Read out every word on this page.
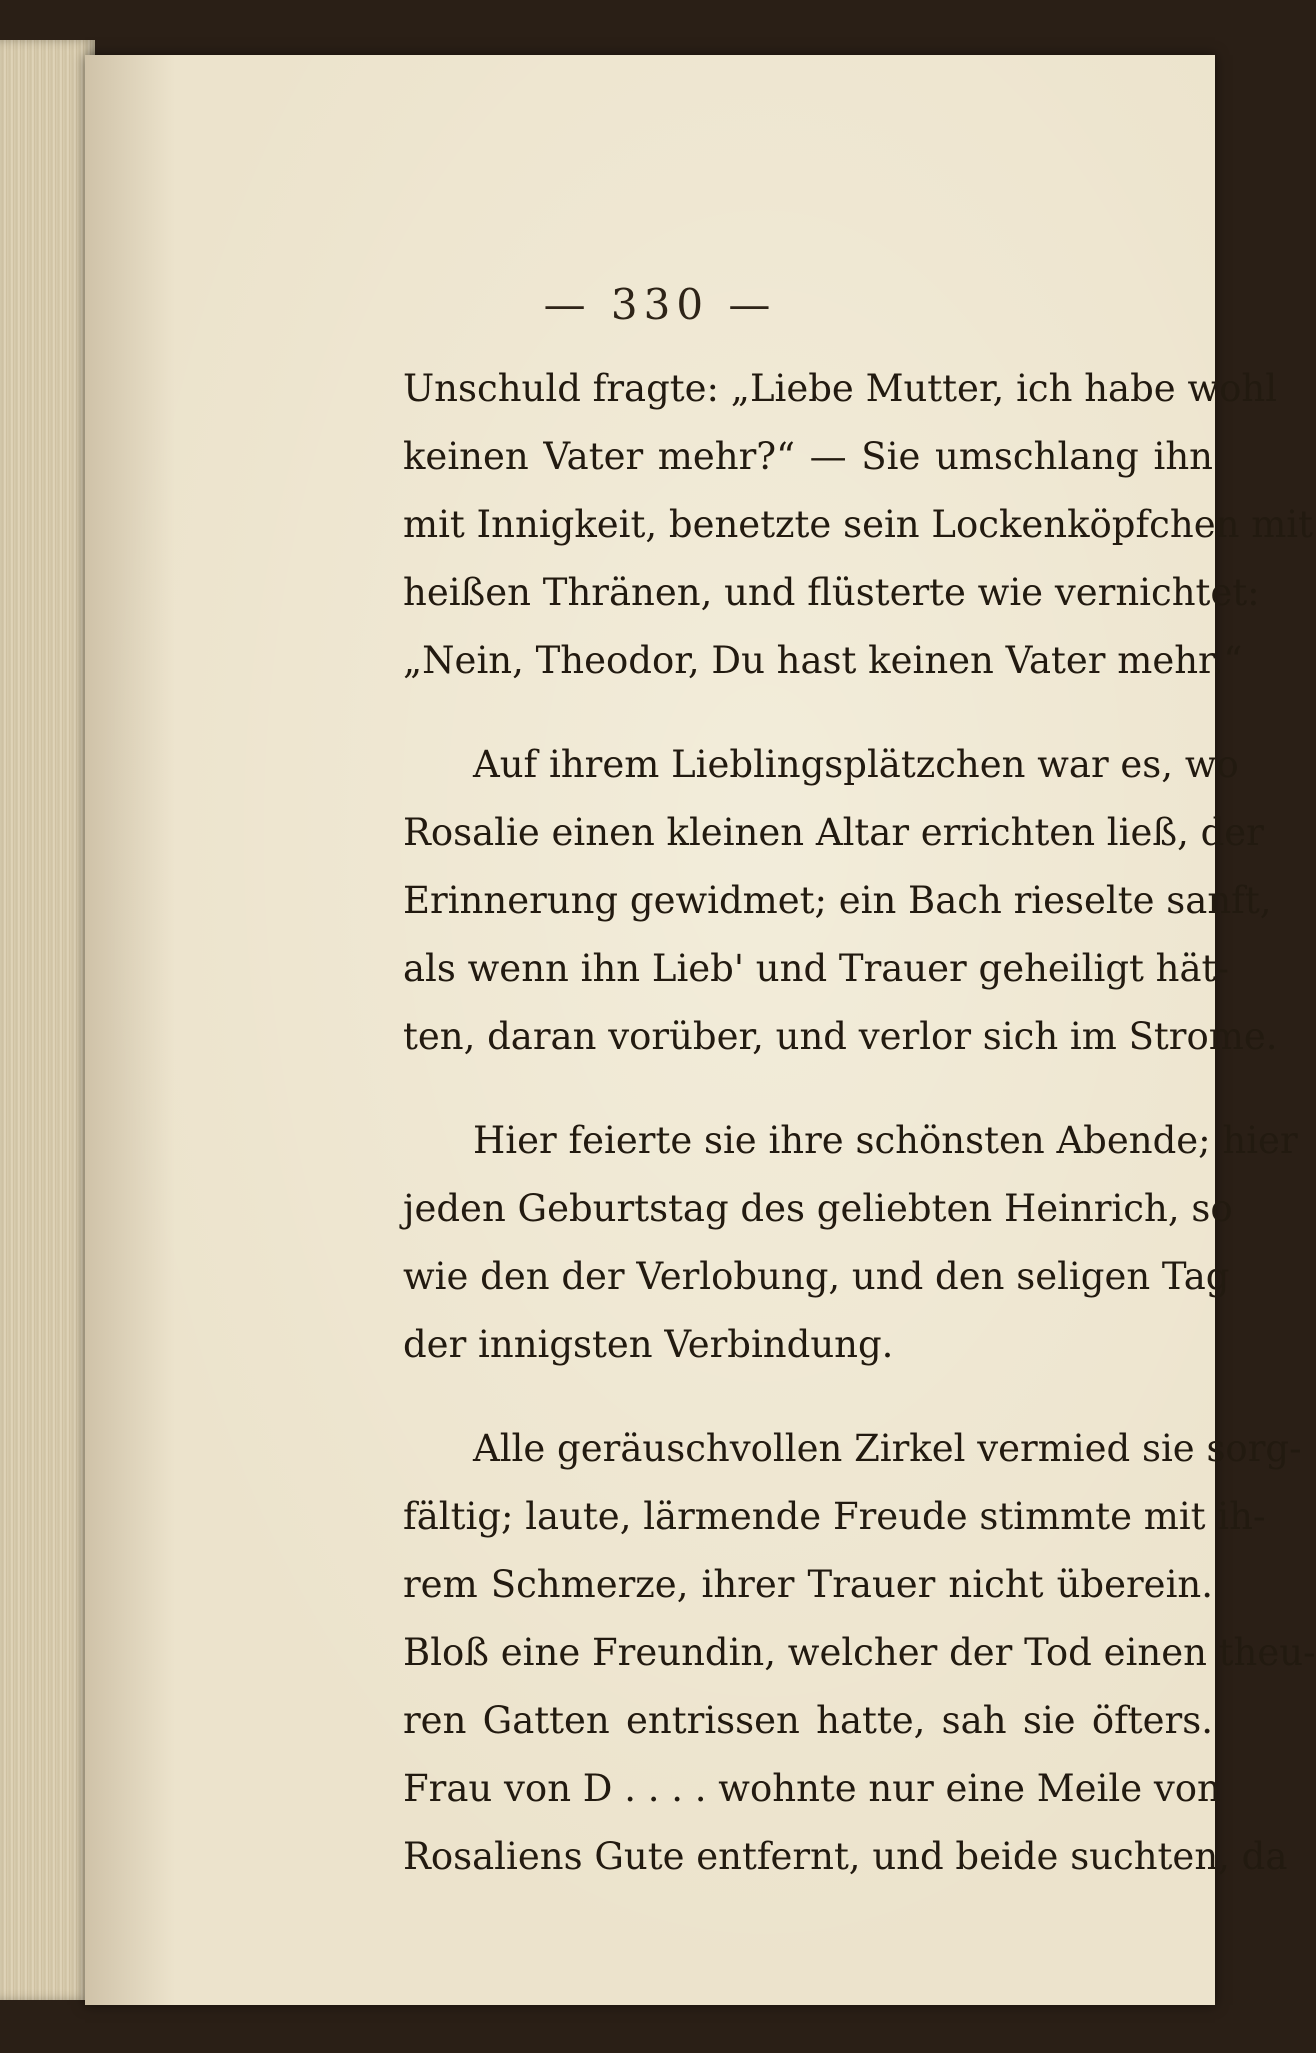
— 330 —
Unschuld fragte: „Liebe Mutter, ich habe wohl
keinen Vater mehr?“ — Sie umschlang ihn
mit Innigkeit, benetzte sein Lockenköpfchen mit
heißen Thränen, und flüsterte wie vernichtet:
„Nein, Theodor, Du hast keinen Vater mehr.“
Auf ihrem Lieblingsplätzchen war es, wo
Rosalie einen kleinen Altar errichten ließ, der
Erinnerung gewidmet; ein Bach rieselte sanft,
als wenn ihn Lieb' und Trauer geheiligt hät-
ten, daran vorüber, und verlor sich im Strome.
Hier feierte sie ihre schönsten Abende; hier
jeden Geburtstag des geliebten Heinrich, so
wie den der Verlobung, und den seligen Tag
der innigsten Verbindung.
Alle geräuschvollen Zirkel vermied sie sorg-
fältig; laute, lärmende Freude stimmte mit ih-
rem Schmerze, ihrer Trauer nicht überein.
Bloß eine Freundin, welcher der Tod einen theu-
ren Gatten entrissen hatte, sah sie öfters.
Frau von D . . . . wohnte nur eine Meile von
Rosaliens Gute entfernt, und beide suchten, da
